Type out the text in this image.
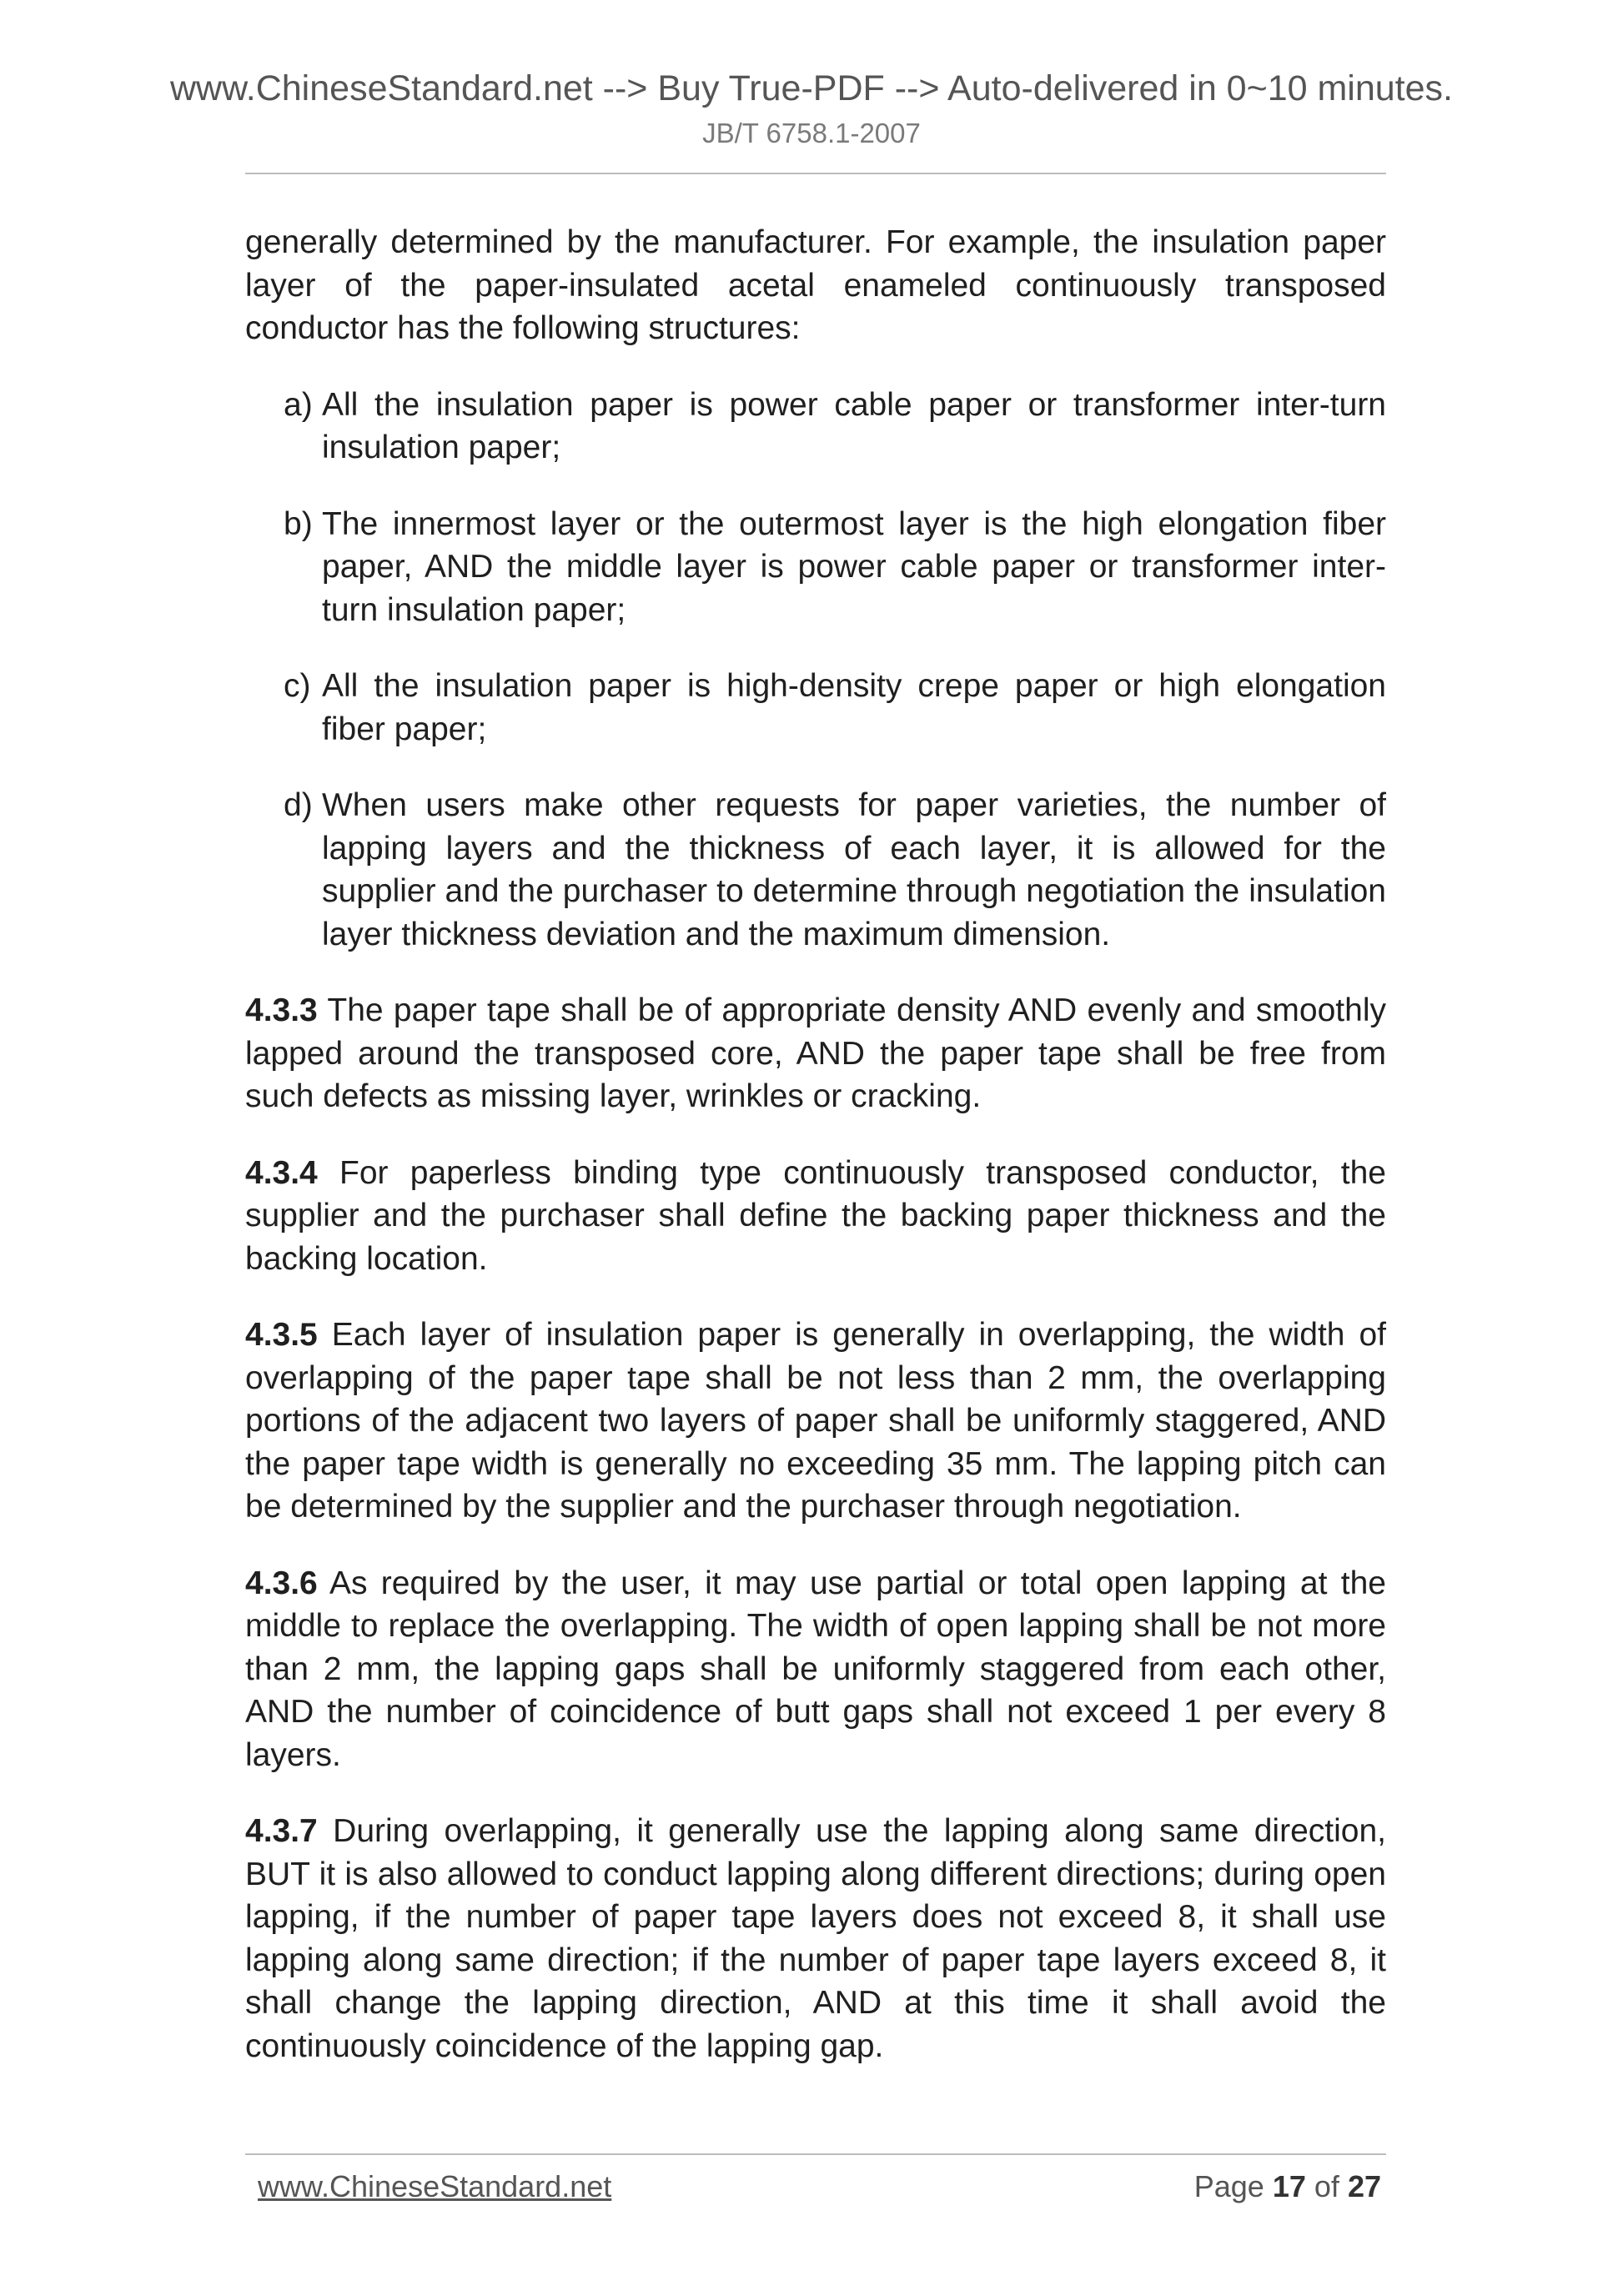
www.ChineseStandard.net --> Buy True-PDF --> Auto-delivered in 0~10 minutes.
JB/T 6758.1-2007

generally determined by the manufacturer. For example, the insulation paper layer of the paper-insulated acetal enameled continuously transposed conductor has the following structures:

a) All the insulation paper is power cable paper or transformer inter-turn insulation paper;
b) The innermost layer or the outermost layer is the high elongation fiber paper, AND the middle layer is power cable paper or transformer inter-turn insulation paper;
c) All the insulation paper is high-density crepe paper or high elongation fiber paper;
d) When users make other requests for paper varieties, the number of lapping layers and the thickness of each layer, it is allowed for the supplier and the purchaser to determine through negotiation the insulation layer thickness deviation and the maximum dimension.

4.3.3 The paper tape shall be of appropriate density AND evenly and smoothly lapped around the transposed core, AND the paper tape shall be free from such defects as missing layer, wrinkles or cracking.

4.3.4 For paperless binding type continuously transposed conductor, the supplier and the purchaser shall define the backing paper thickness and the backing location.

4.3.5 Each layer of insulation paper is generally in overlapping, the width of overlapping of the paper tape shall be not less than 2 mm, the overlapping portions of the adjacent two layers of paper shall be uniformly staggered, AND the paper tape width is generally no exceeding 35 mm. The lapping pitch can be determined by the supplier and the purchaser through negotiation.

4.3.6 As required by the user, it may use partial or total open lapping at the middle to replace the overlapping. The width of open lapping shall be not more than 2 mm, the lapping gaps shall be uniformly staggered from each other, AND the number of coincidence of butt gaps shall not exceed 1 per every 8 layers.

4.3.7 During overlapping, it generally use the lapping along same direction, BUT it is also allowed to conduct lapping along different directions; during open lapping, if the number of paper tape layers does not exceed 8, it shall use lapping along same direction; if the number of paper tape layers exceed 8, it shall change the lapping direction, AND at this time it shall avoid the continuously coincidence of the lapping gap.

www.ChineseStandard.net	Page 17 of 27
